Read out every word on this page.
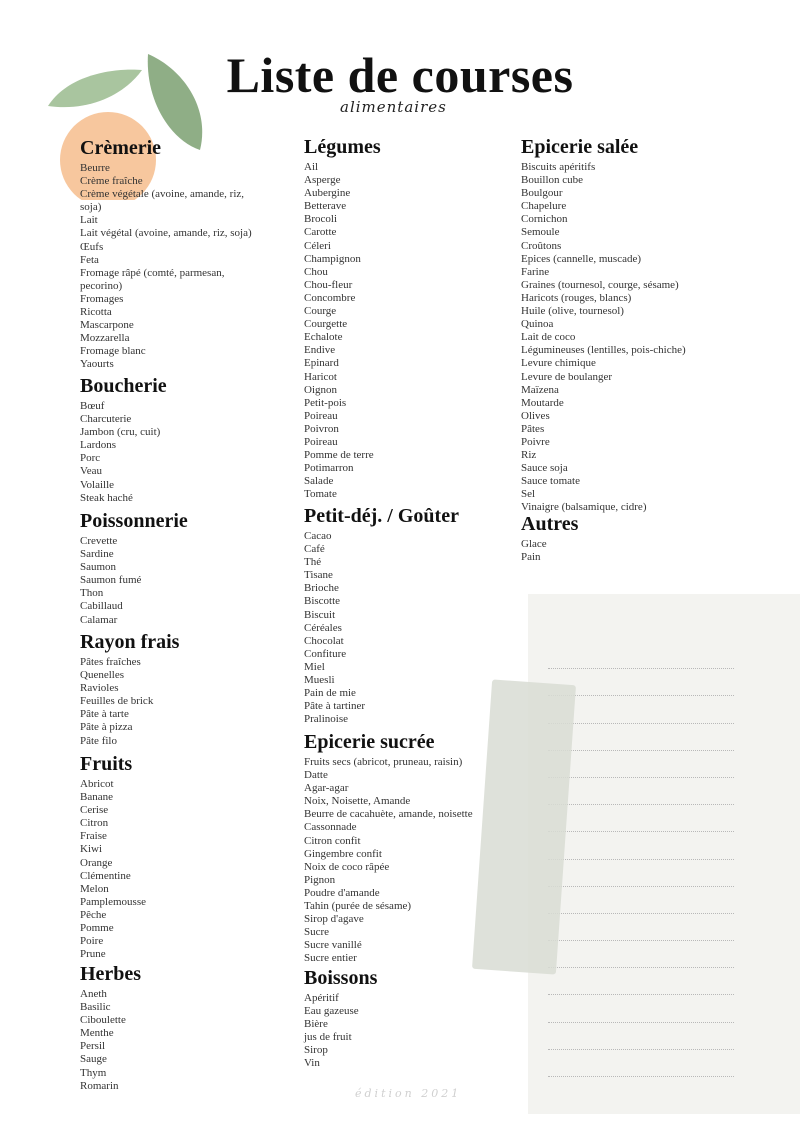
Liste de courses
alimentaires
Crèmerie
Beurre
Crème fraîche
Crème végétale (avoine, amande, riz,
soja)
Lait
Lait végétal (avoine, amande, riz, soja)
Œufs
Feta
Fromage râpé (comté, parmesan,
pecorino)
Fromages
Ricotta
Mascarpone
Mozzarella
Fromage blanc
Yaourts
Boucherie
Bœuf
Charcuterie
Jambon (cru, cuit)
Lardons
Porc
Veau
Volaille
Steak haché
Poissonnerie
Crevette
Sardine
Saumon
Saumon fumé
Thon
Cabillaud
Calamar
Rayon frais
Pâtes fraîches
Quenelles
Ravioles
Feuilles de brick
Pâte à tarte
Pâte à pizza
Pâte filo
Fruits
Abricot
Banane
Cerise
Citron
Fraise
Kiwi
Orange
Clémentine
Melon
Pamplemousse
Pêche
Pomme
Poire
Prune
Herbes
Aneth
Basilic
Ciboulette
Menthe
Persil
Sauge
Thym
Romarin
Légumes
Ail
Asperge
Aubergine
Betterave
Brocoli
Carotte
Céleri
Champignon
Chou
Chou-fleur
Concombre
Courge
Courgette
Echalote
Endive
Epinard
Haricot
Oignon
Petit-pois
Poireau
Poivron
Poireau
Pomme de terre
Potimarron
Salade
Tomate
Petit-déj. / Goûter
Cacao
Café
Thé
Tisane
Brioche
Biscotte
Biscuit
Céréales
Chocolat
Confiture
Miel
Muesli
Pain de mie
Pâte à tartiner
Pralinoise
Epicerie sucrée
Fruits secs (abricot, pruneau, raisin)
Datte
Agar-agar
Noix, Noisette, Amande
Beurre de cacahuète, amande, noisette
Cassonnade
Citron confit
Gingembre confit
Noix de coco râpée
Pignon
Poudre d'amande
Tahin (purée de sésame)
Sirop d'agave
Sucre
Sucre vanillé
Sucre entier
Boissons
Apéritif
Eau gazeuse
Bière
jus de fruit
Sirop
Vin
Epicerie salée
Biscuits apéritifs
Bouillon cube
Boulgour
Chapelure
Cornichon
Semoule
Croûtons
Epices (cannelle, muscade)
Farine
Graines (tournesol, courge, sésame)
Haricots (rouges, blancs)
Huile (olive, tournesol)
Quinoa
Lait de coco
Légumineuses (lentilles, pois-chiche)
Levure chimique
Levure de boulanger
Maïzena
Moutarde
Olives
Pâtes
Poivre
Riz
Sauce soja
Sauce tomate
Sel
Vinaigre (balsamique, cidre)
Autres
Glace
Pain
édition 2021
